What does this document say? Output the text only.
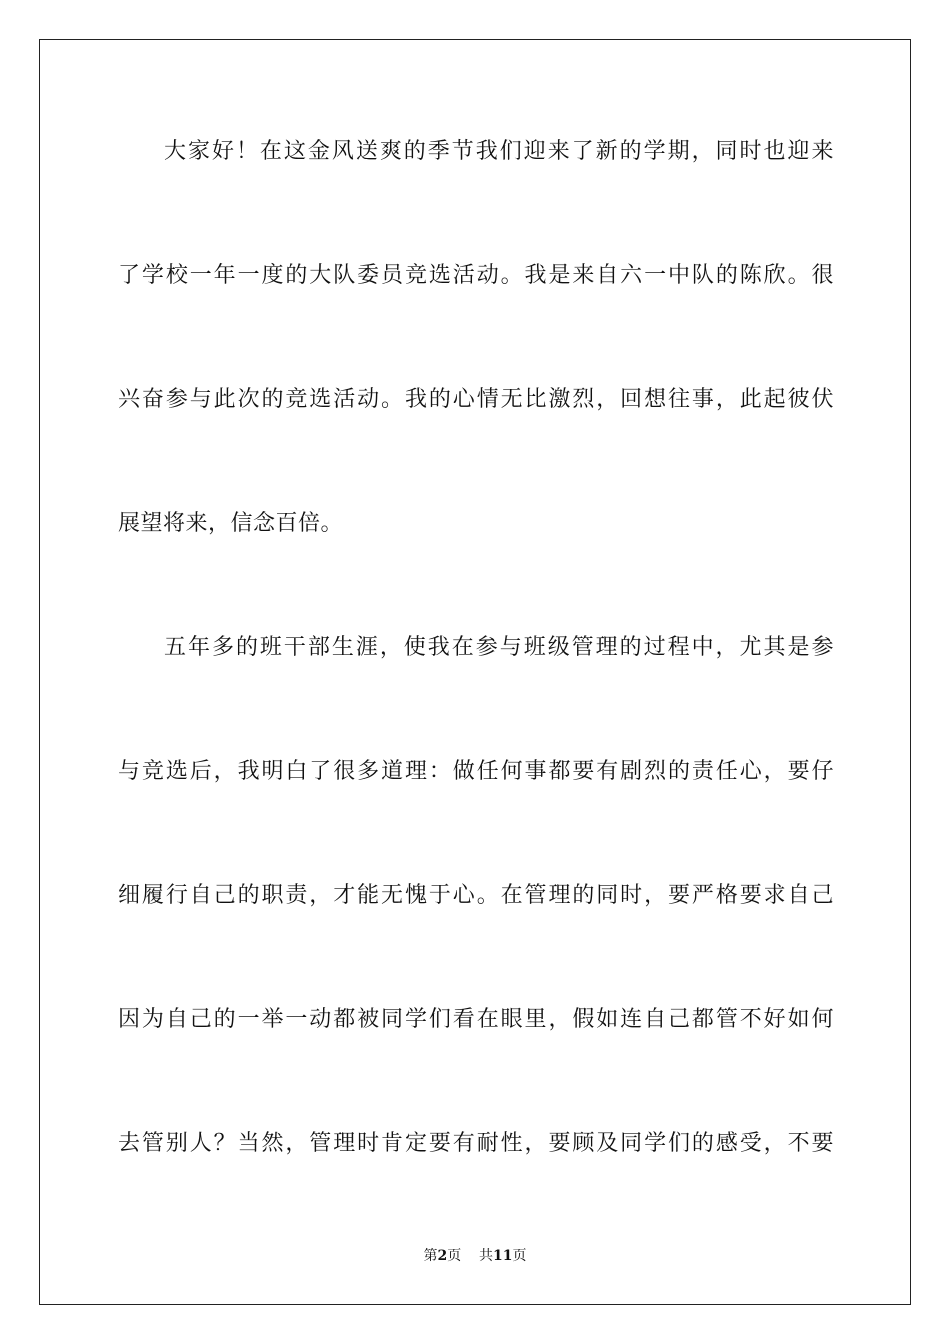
大家好！在这金风送爽的季节我们迎来了新的学期，同时也迎来
了学校一年一度的大队委员竞选活动。我是来自六一中队的陈欣。很
兴奋参与此次的竞选活动。我的心情无比激烈，回想往事，此起彼伏
展望将来，信念百倍。
五年多的班干部生涯，使我在参与班级管理的过程中，尤其是参
与竞选后，我明白了很多道理：做任何事都要有剧烈的责任心，要仔
细履行自己的职责，才能无愧于心。在管理的同时，要严格要求自己
因为自己的一举一动都被同学们看在眼里，假如连自己都管不好如何
去管别人？当然，管理时肯定要有耐性，要顾及同学们的感受，不要
第2页 共11页
